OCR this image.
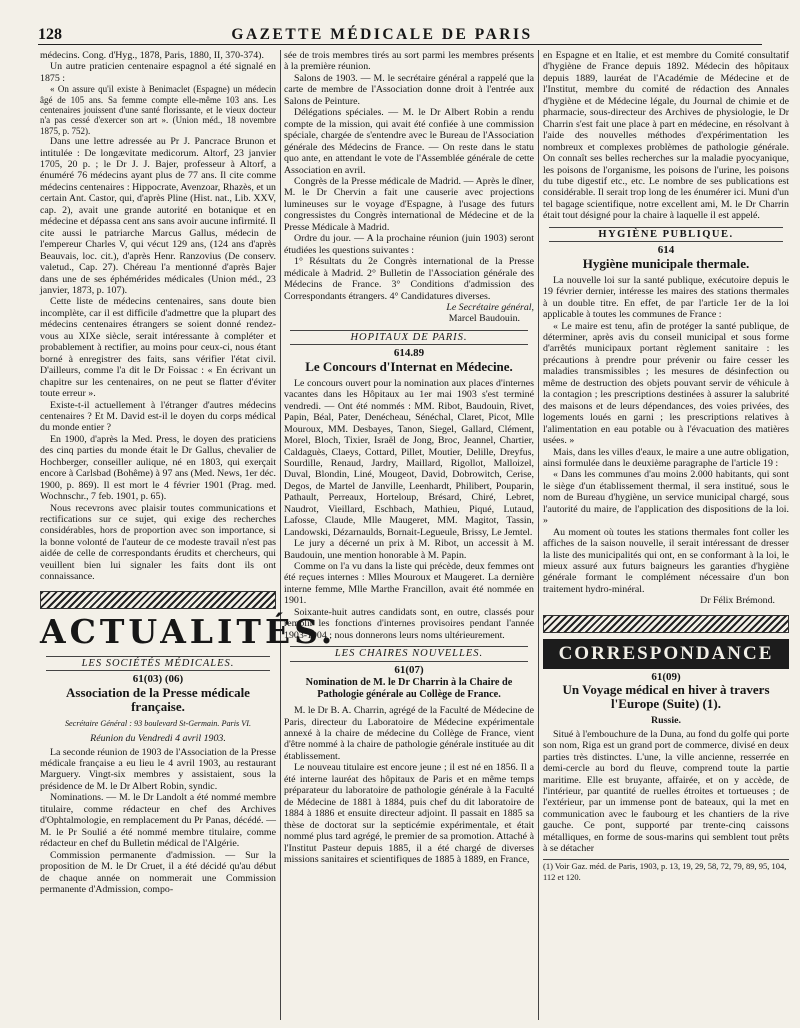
128	GAZETTE MÉDICALE DE PARIS

médecins. Cong. d'Hyg., 1878, Paris, 1880, II, 370-374).

Un autre praticien centenaire espagnol a été signalé en 1875 :

« On assure qu'il existe à Benimaclet (Espagne) un médecin âgé de 105 ans. Sa femme compte elle-même 103 ans. Les centenaires jouissent d'une santé florissante, et le vieux docteur n'a pas cessé d'exercer son art ». (Union méd., 18 novembre 1875, p. 752).

Dans une lettre adressée au Pr J. Pancrace Brunon et intitulée : De longævitate medicorum. Altorf, 23 janvier 1705, 20 p. ; le Dr J. J. Bajer, professeur à Altorf, a énuméré 76 médecins ayant plus de 77 ans. Il cite comme médecins centenaires : Hippocrate, Avenzoar, Rhazès, et un certain Ant. Castor, qui, d'après Pline (Hist. nat., Lib. XXV, cap. 2), avait une grande autorité en botanique et en médecine et dépassa cent ans sans avoir aucune infirmité. Il cite aussi le patriarche Marcus Gallus, médecin de l'empereur Charles V, qui vécut 129 ans, (124 ans d'après Beauvais, loc. cit.), d'après Henr. Ranzovius (De conserv. valetud., Cap. 27). Chéreau l'a mentionné d'après Bajer dans une de ses éphémérides médicales (Union méd., 23 janvier, 1873, p. 107).

Cette liste de médecins centenaires, sans doute bien incomplète, car il est difficile d'admettre que la plupart des médecins centenaires étrangers se soient donné rendez-vous au XIXe siècle, serait intéressante à compléter et probablement à rectifier, au moins pour ceux-ci, nous étant borné à enregistrer des faits, sans vérifier l'état civil. D'ailleurs, comme l'a dit le Dr Foissac : « En écrivant un chapitre sur les centenaires, on ne peut se flatter d'éviter toute erreur ».

Existe-t-il actuellement à l'étranger d'autres médecins centenaires ? Et M. David est-il le doyen du corps médical du monde entier ?

En 1900, d'après la Med. Press, le doyen des praticiens des cinq parties du monde était le Dr Gallus, chevalier de Hochberger, conseiller aulique, né en 1803, qui exerçait encore à Carlsbad (Bohême) à 97 ans (Med. News, 1er déc. 1900, p. 869). Il est mort le 4 février 1901 (Prag. med. Wochnschr., 7 feb. 1901, p. 65).

Nous recevrons avec plaisir toutes communications et rectifications sur ce sujet, qui exige des recherches considérables, hors de proportion avec son importance, si la bonne volonté de l'auteur de ce modeste travail n'est pas aidée de celle de correspondants érudits et chercheurs, qui veuillent bien lui signaler les faits dont ils ont connaissance.

ACTUALITÉS.
LES SOCIÉTÉS MÉDICALES.
61(03) (06)
Association de la Presse médicale française.
Secrétaire Général : 93 boulevard St-Germain. Paris VI.
Réunion du Vendredi 4 avril 1903.

La seconde réunion de 1903 de l'Association de la Presse médicale française a eu lieu le 4 avril 1903, au restaurant Marguery. Vingt-six membres y assistaient, sous la présidence de M. le Dr Albert Robin, syndic.

Nominations. — M. le Dr Landolt a été nommé membre titulaire, comme rédacteur en chef des Archives d'Ophtalmologie, en remplacement du Pr Panas, décédé. — M. le Pr Soulié a été nommé membre titulaire, comme rédacteur en chef du Bulletin médical de l'Algérie.

Commission permanente d'admission. — Sur la proposition de M. le Dr Cruet, il a été décidé qu'au début de chaque année on nommerait une Commission permanente d'Admission, compo-

sée de trois membres tirés au sort parmi les membres présents à la première réunion.

Salons de 1903. — M. le secrétaire général a rappelé que la carte de membre de l'Association donne droit à l'entrée aux Salons de Peinture.

Délégations spéciales. — M. le Dr Albert Robin a rendu compte de la mission, qui avait été confiée à une commission spéciale, chargée de s'entendre avec le Bureau de l'Association générale des Médecins de France. — On reste dans le statu quo ante, en attendant le vote de l'Assemblée générale de cette Association en avril.

Congrès de la Presse médicale de Madrid. — Après le dîner, M. le Dr Chervin a fait une causerie avec projections lumineuses sur le voyage d'Espagne, à l'usage des futurs congressistes du Congrès international de Médecine et de la Presse Médicale à Madrid.

Ordre du jour. — A la prochaine réunion (juin 1903) seront étudiées les questions suivantes :

1° Résultats du 2e Congrès international de la Presse médicale à Madrid. 2° Bulletin de l'Association générale des Médecins de France. 3° Conditions d'admission des Correspondants étrangers. 4° Candidatures diverses.

Le Secrétaire général,

Marcel Baudouin.

HOPITAUX DE PARIS.
614.89
Le Concours d'Internat en Médecine.

Le concours ouvert pour la nomination aux places d'internes vacantes dans les Hôpitaux au 1er mai 1903 s'est terminé vendredi. — Ont été nommés : MM. Ribot, Baudouin, Rivet, Papin, Béal, Pater, Denécheau, Sénéchal, Claret, Picot, Mlle Mouroux, MM. Desbayes, Tanon, Siegel, Gallard, Clément, Morel, Bloch, Tixier, Israël de Jong, Broc, Jeannel, Chartier, Caldaguès, Claeys, Cottard, Pillet, Moutier, Delille, Dreyfus, Sourdille, Renaud, Jardry, Maillard, Rigollot, Malloizel, Duval, Blondin, Liné, Mougeot, David, Dobrowitch, Cerise, Degos, de Martel de Janville, Leenhardt, Philibert, Pouparin, Pathault, Perreaux, Horteloup, Brésard, Chiré, Lebret, Naudrot, Vieillard, Eschbach, Mathieu, Piqué, Lutaud, Lafosse, Claude, Mlle Maugeret, MM. Magitot, Tassin, Landowski, Dézarnaulds, Bornait-Legueule, Brissy, Le Jemtel.

Le jury a décerné un prix à M. Ribot, un accessit à M. Baudouin, une mention honorable à M. Papin.

Comme on l'a vu dans la liste qui précède, deux femmes ont été reçues internes : Mlles Mouroux et Maugeret. La dernière interne femme, Mlle Marthe Francillon, avait été nommée en 1901.

Soixante-huit autres candidats sont, en outre, classés pour remplir les fonctions d'internes provisoires pendant l'année 1903-1904 ; nous donnerons leurs noms ultérieurement.

LES CHAIRES NOUVELLES.
61(07)
Nomination de M. le Dr Charrin à la Chaire de Pathologie générale au Collège de France.

M. le Dr B. A. Charrin, agrégé de la Faculté de Médecine de Paris, directeur du Laboratoire de Médecine expérimentale annexé à la chaire de médecine du Collège de France, vient d'être nommé à la chaire de pathologie générale instituée au dit établissement.

Le nouveau titulaire est encore jeune ; il est né en 1856. Il a été interne lauréat des hôpitaux de Paris et en même temps préparateur du laboratoire de pathologie générale à la Faculté de Médecine de 1881 à 1884, puis chef du dit laboratoire de 1884 à 1886 et ensuite directeur adjoint. Il passait en 1885 sa thèse de doctorat sur la septicémie expérimentale, et était nommé plus tard agrégé, le premier de sa promotion. Attaché à l'Institut Pasteur depuis 1885, il a été chargé de diverses missions sanitaires et scientifiques de 1885 à 1889, en France,

en Espagne et en Italie, et est membre du Comité consultatif d'hygiène de France depuis 1892. Médecin des hôpitaux depuis 1889, lauréat de l'Académie de Médecine et de l'Institut, membre du comité de rédaction des Annales d'hygiène et de Médecine légale, du Journal de chimie et de pharmacie, sous-directeur des Archives de physiologie, le Dr Charrin s'est fait une place à part en médecine, en résolvant à l'aide des nouvelles méthodes d'expérimentation les nombreux et complexes problèmes de pathologie générale. On connaît ses belles recherches sur la maladie pyocyanique, les poisons de l'organisme, les poisons de l'urine, les poisons du tube digestif etc., etc. Le nombre de ses publications est considérable. Il serait trop long de les énumérer ici. Muni d'un tel bagage scientifique, notre excellent ami, M. le Dr Charrin était tout désigné pour la chaire à laquelle il est appelé.

HYGIÈNE PUBLIQUE.
614
Hygiène municipale thermale.

La nouvelle loi sur la santé publique, exécutoire depuis le 19 février dernier, intéresse les maires des stations thermales à un double titre. En effet, de par l'article 1er de la loi applicable à toutes les communes de France :

« Le maire est tenu, afin de protéger la santé publique, de déterminer, après avis du conseil municipal et sous forme d'arrêtés municipaux portant règlement sanitaire : les précautions à prendre pour prévenir ou faire cesser les maladies transmissibles ; les mesures de désinfection ou même de destruction des objets pouvant servir de véhicule à la contagion ; les prescriptions destinées à assurer la salubrité des maisons et de leurs dépendances, des voies privées, des logements loués en garni ; les prescriptions relatives à l'alimentation en eau potable ou à l'évacuation des matières usées. »

Mais, dans les villes d'eaux, le maire a une autre obligation, ainsi formulée dans le deuxième paragraphe de l'article 19 :

« Dans les communes d'au moins 2.000 habitants, qui sont le siège d'un établissement thermal, il sera institué, sous le nom de Bureau d'hygiène, un service municipal chargé, sous l'autorité du maire, de l'application des dispositions de la loi. »

Au moment où toutes les stations thermales font coller les affiches de la saison nouvelle, il serait intéressant de dresser la liste des municipalités qui ont, en se conformant à la loi, le mieux assuré aux futurs baigneurs les garanties d'hygiène générale formant le complément nécessaire d'un bon traitement hydro-minéral.

Dr Félix Brémond.

CORRESPONDANCE
61(09)
Un Voyage médical en hiver à travers l'Europe (Suite) (1).
Russie.

Situé à l'embouchure de la Duna, au fond du golfe qui porte son nom, Riga est un grand port de commerce, divisé en deux parties très distinctes. L'une, la ville ancienne, resserrée en demi-cercle au bord du fleuve, comprend toute la partie maritime. Elle est bruyante, affairée, et on y accède, de l'intérieur, par quantité de ruelles étroites et tortueuses ; de l'extérieur, par un immense pont de bateaux, qui la met en communication avec le faubourg et les chantiers de la rive gauche. Ce pont, supporté par trente-cinq caissons métalliques, en forme de sous-marins qui semblent tout prêts à se détacher

(1) Voir Gaz. méd. de Paris, 1903, p. 13, 19, 29, 58, 72, 79, 89, 95, 104, 112 et 120.
